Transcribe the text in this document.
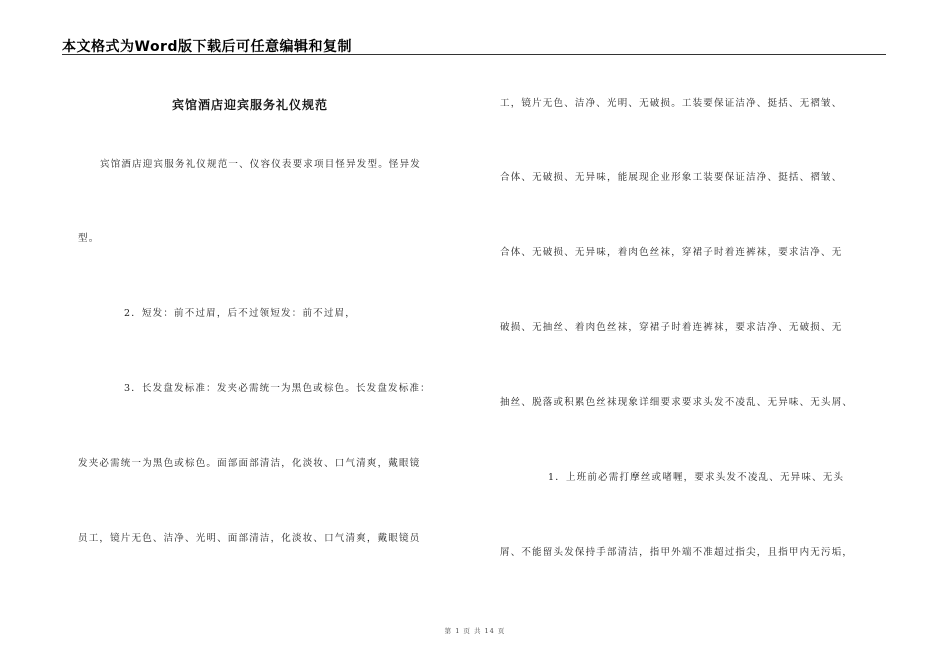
本文格式为Word版下载后可任意编辑和复制
宾馆酒店迎宾服务礼仪规范
宾馆酒店迎宾服务礼仪规范一、仪容仪表要求项目怪异发型。怪异发
型。
2．短发：前不过眉，后不过领短发：前不过眉，
3．长发盘发标准：发夹必需统一为黑色或棕色。长发盘发标准：
发夹必需统一为黑色或棕色。面部面部清洁，化淡妆、口气清爽，戴眼镜
员工，镜片无色、洁净、光明、面部清洁，化淡妆、口气清爽，戴眼镜员
工，镜片无色、洁净、光明、无破损。工装要保证洁净、挺括、无褶皱、
合体、无破损、无异味，能展现企业形象工装要保证洁净、挺括、褶皱、
合体、无破损、无异味，着肉色丝袜，穿裙子时着连裤袜，要求洁净、无
破损、无抽丝、着肉色丝袜，穿裙子时着连裤袜，要求洁净、无破损、无
抽丝、脱落或积累色丝袜现象详细要求要求头发不凌乱、无异味、无头屑、
1．上班前必需打摩丝或啫喱，要求头发不凌乱、无异味、无头
屑、不能留头发保持手部清洁，指甲外端不准超过指尖，且指甲内无污垢，
第 1 页 共 14 页
